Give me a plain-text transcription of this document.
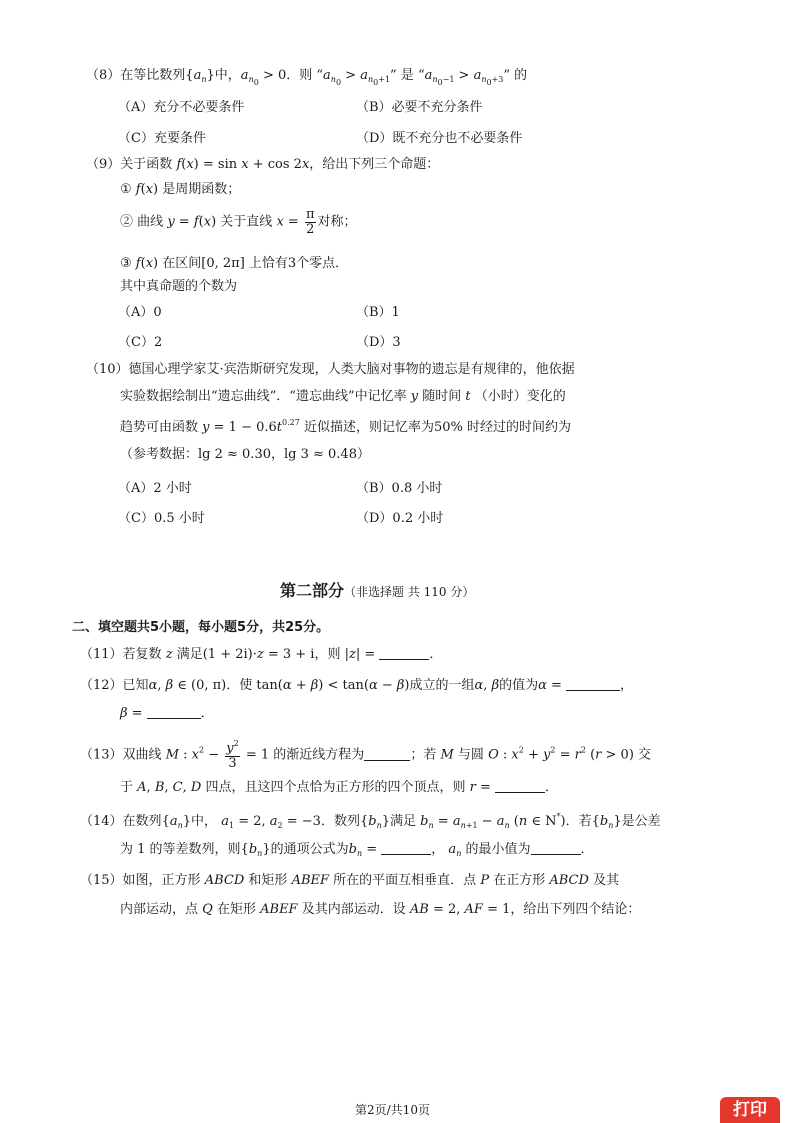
（8）在等比数列$\{a_n\}$中，$a_{n_0} > 0$．则 “$a_{n_0} > a_{n_0+1}$” 是 “$a_{n_0-1} > a_{n_0+3}$” 的
（A）充分不必要条件	（B）必要不充分条件
（C）充要条件	（D）既不充分也不必要条件
（9）关于函数 f(x) = sin x + cos 2x，给出下列三个命题：
① f(x) 是周期函数；
② 曲线 y = f(x) 关于直线 $x = \frac{\pi}{2}$ 对称；
③ f(x) 在区间[0, 2π] 上恰有3个零点．
其中真命题的个数为
（A）0	（B）1
（C）2	（D）3
（10）德国心理学家艾·宾浩斯研究发现，人类大脑对事物的遗忘是有规律的，他依据
实验数据绘制出“遗忘曲线”．“遗忘曲线”中记忆率 y 随时间 t （小时）变化的
趋势可由函数 $y = 1 - 0.6t^{0.27}$ 近似描述，则记忆率为50% 时经过的时间约为
（参考数据：lg 2 ≈ 0.30，lg 3 ≈ 0.48）
（A）2 小时	（B）0.8 小时
（C）0.5 小时	（D）0.2 小时
第二部分（非选择题 共 110 分）
二、填空题共5小题，每小题5分，共25分。
（11）若复数 z 满足(1 + 2i)·z = 3 + i，则 |z| =	．
（12）已知α, β ∈ (0, π)．使 tan(α + β) < tan(α − β)成立的一组α, β的值为α =	，
β =	．
（13）双曲线 M : $x^2 - \frac{y^2}{3} = 1$ 的渐近线方程为	；若 M 与圆 O : $x^2 + y^2 = r^2$ (r > 0) 交
于 A, B, C, D 四点，且这四个点恰为正方形的四个顶点，则 r =	．
（14）在数列$\{a_n\}$中， $a_1 = 2$, $a_2 = -3$．数列$\{b_n\}$满足 $b_n = a_{n+1} - a_n$ (n ∈ N*)．若$\{b_n\}$是公差
为 1 的等差数列，则$\{b_n\}$的通项公式为$b_n$ =	， $a_n$ 的最小值为	．
（15）如图，正方形 ABCD 和矩形 ABEF 所在的平面互相垂直．点 P 在正方形 ABCD 及其
内部运动，点 Q 在矩形 ABEF 及其内部运动．设 AB = 2, AF = 1，给出下列四个结论：
第2页/共10页	打印
